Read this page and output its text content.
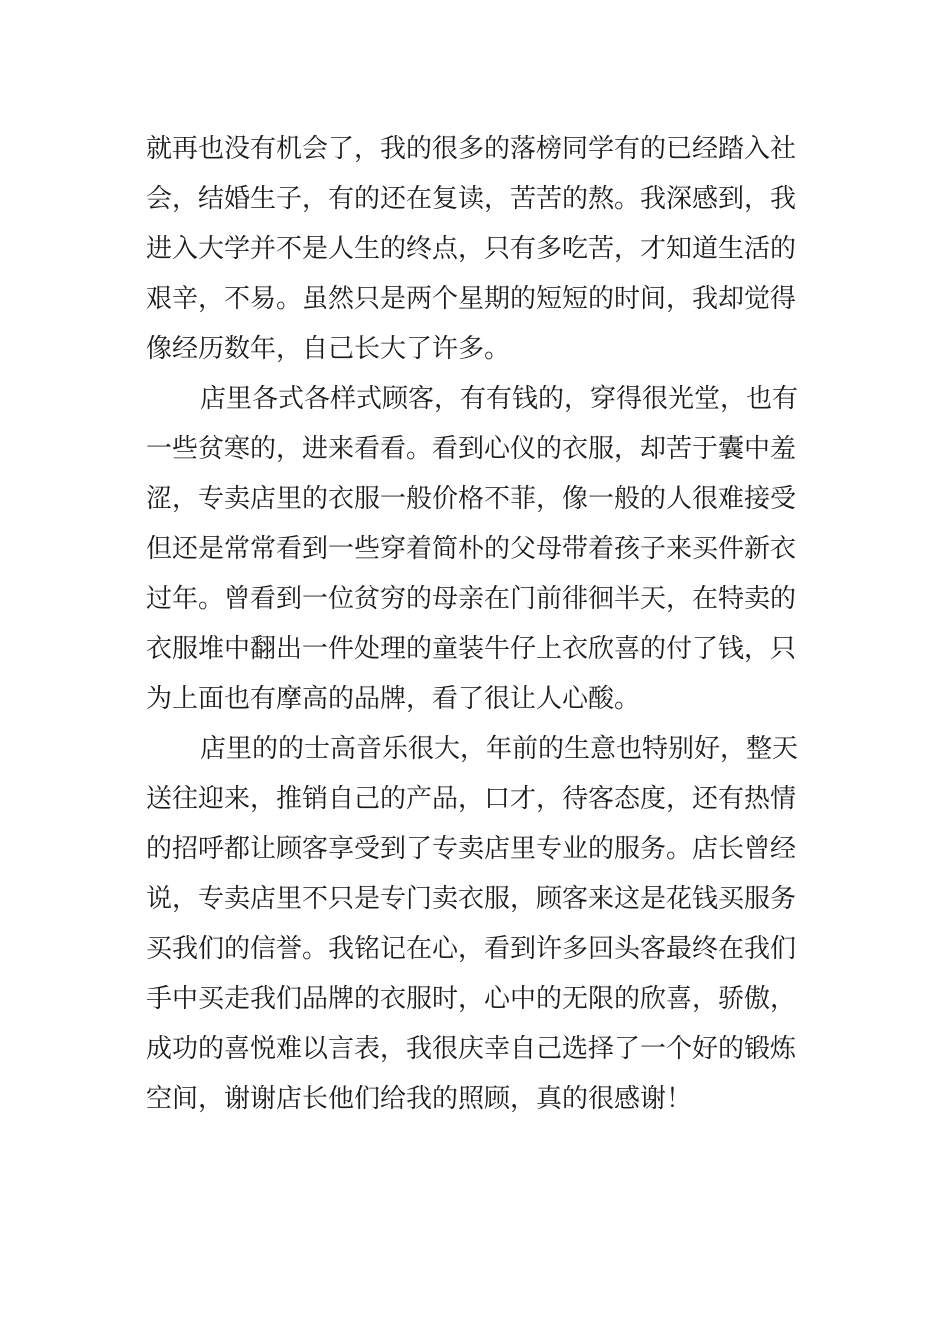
就再也没有机会了，我的很多的落榜同学有的已经踏入社
会，结婚生子，有的还在复读，苦苦的熬。我深感到，我
进入大学并不是人生的终点，只有多吃苦，才知道生活的
艰辛，不易。虽然只是两个星期的短短的时间，我却觉得
像经历数年，自己长大了许多。
店里各式各样式顾客，有有钱的，穿得很光堂，也有
一些贫寒的，进来看看。看到心仪的衣服，却苦于囊中羞
涩，专卖店里的衣服一般价格不菲，像一般的人很难接受
但还是常常看到一些穿着简朴的父母带着孩子来买件新衣
过年。曾看到一位贫穷的母亲在门前徘徊半天，在特卖的
衣服堆中翻出一件处理的童装牛仔上衣欣喜的付了钱，只
为上面也有摩高的品牌，看了很让人心酸。
店里的的士高音乐很大，年前的生意也特别好，整天
送往迎来，推销自己的产品，口才，待客态度，还有热情
的招呼都让顾客享受到了专卖店里专业的服务。店长曾经
说，专卖店里不只是专门卖衣服，顾客来这是花钱买服务
买我们的信誉。我铭记在心，看到许多回头客最终在我们
手中买走我们品牌的衣服时，心中的无限的欣喜，骄傲，
成功的喜悦难以言表，我很庆幸自己选择了一个好的锻炼
空间，谢谢店长他们给我的照顾，真的很感谢！
